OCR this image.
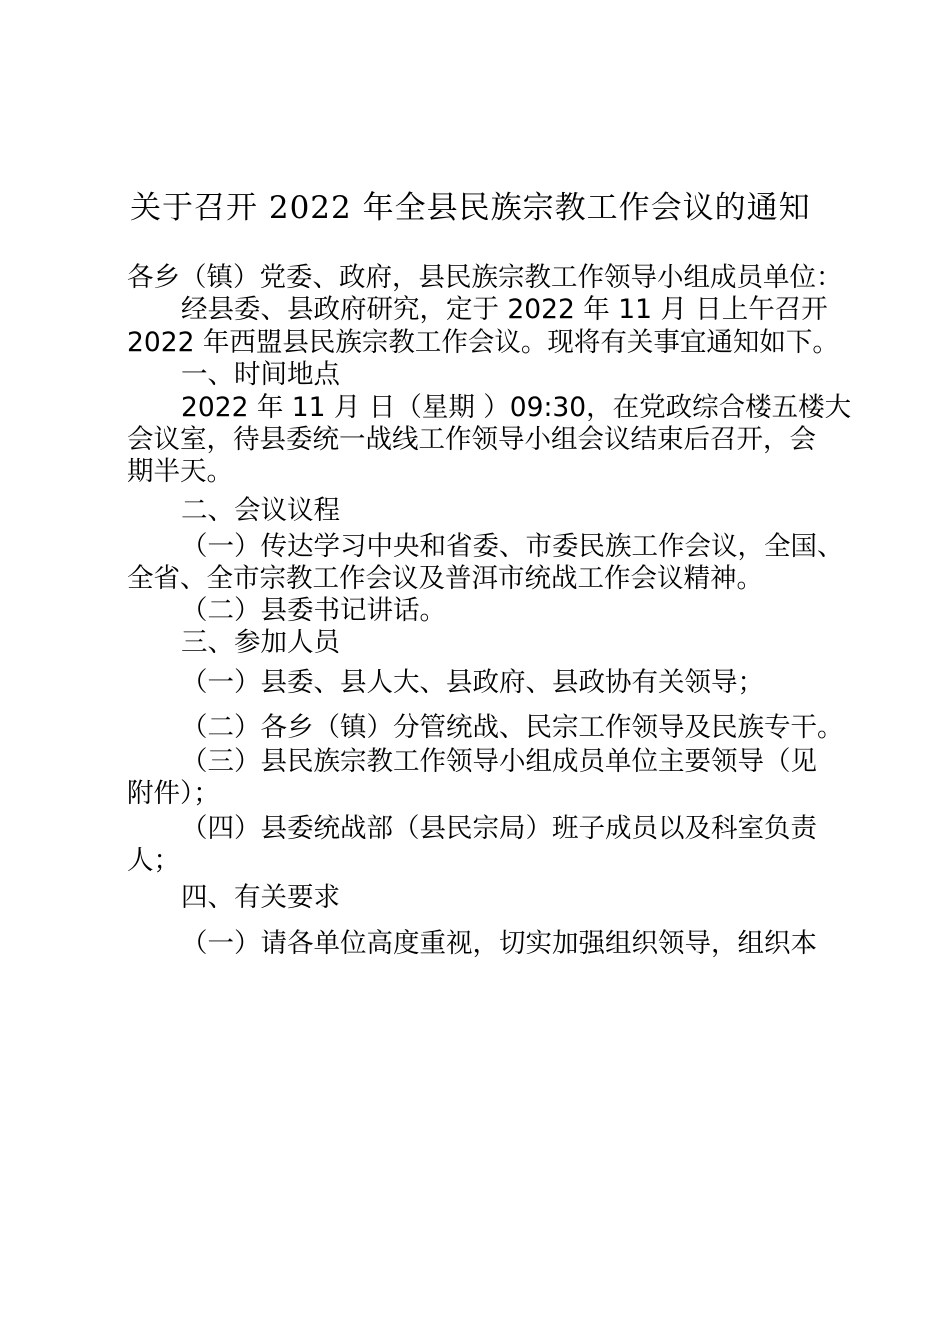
关于召开 2022 年全县民族宗教工作会议的通知
各乡（镇）党委、政府，县民族宗教工作领导小组成员单位：
经县委、县政府研究，定于 2022 年 11 月 日上午召开
2022 年西盟县民族宗教工作会议。现将有关事宜通知如下。
一、时间地点
2022 年 11 月 日（星期 ）09:30，在党政综合楼五楼大
会议室，待县委统一战线工作领导小组会议结束后召开，会
期半天。
二、会议议程
（一）传达学习中央和省委、市委民族工作会议，全国、
全省、全市宗教工作会议及普洱市统战工作会议精神。
（二）县委书记讲话。
三、参加人员
（一）县委、县人大、县政府、县政协有关领导；
（二）各乡（镇）分管统战、民宗工作领导及民族专干。
（三）县民族宗教工作领导小组成员单位主要领导（见
附件）；
（四）县委统战部（县民宗局）班子成员以及科室负责
人；
四、有关要求
（一）请各单位高度重视，切实加强组织领导，组织本
